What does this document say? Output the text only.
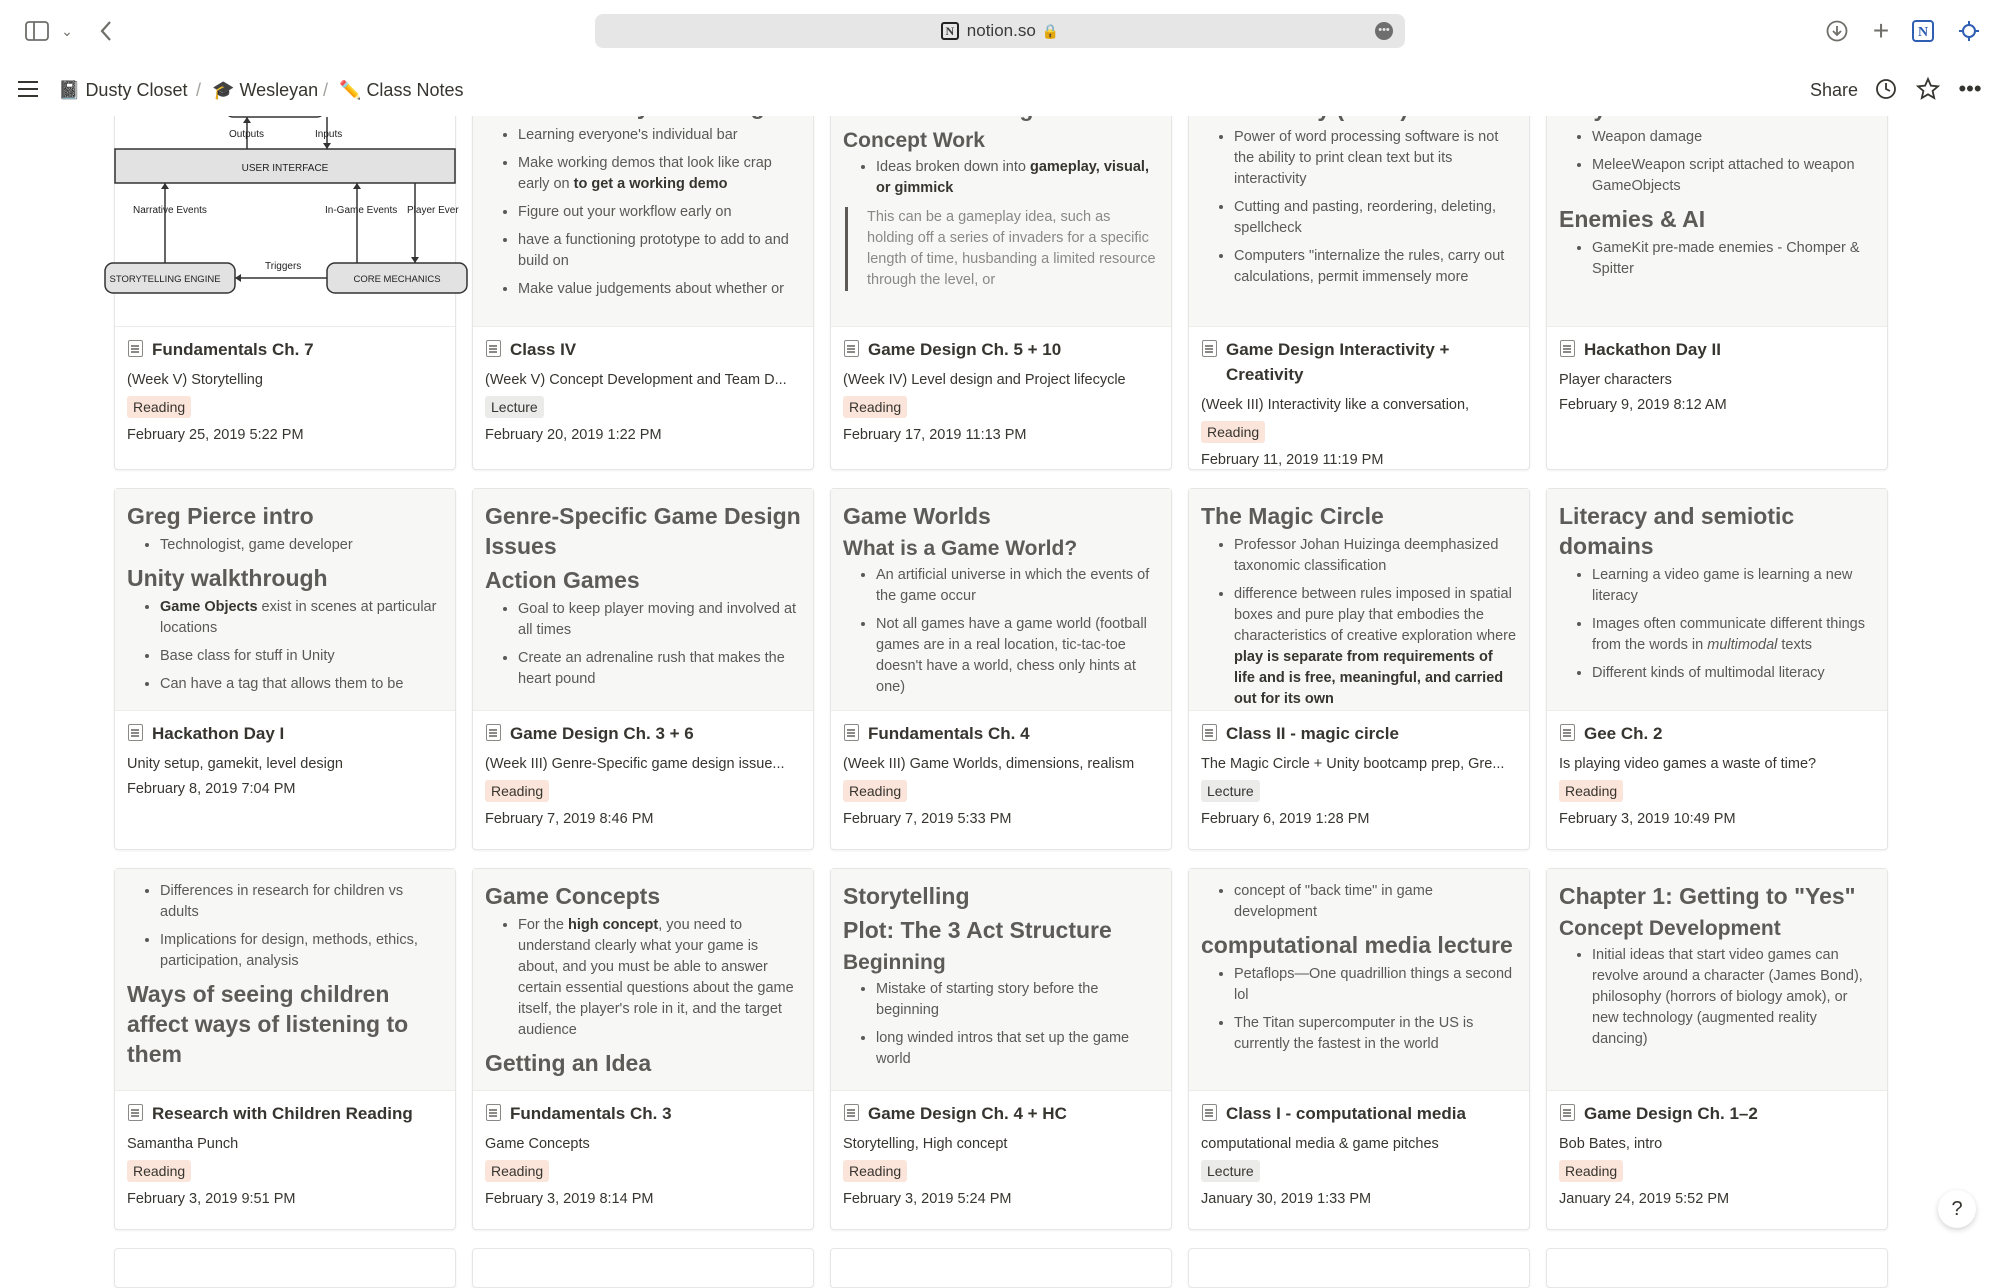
⌄	N notion.so 🔒	•••	+	N
📓 Dusty Closet / 🎓 Wesleyan / ✏️ Class Notes	Share	•••
Outputs	Inputs
USER INTERFACE
Narrative Events	In-Game Events Player Ever
STORYTELLING ENGINE	CORE MECHANICS
Triggers
Fundamentals Ch. 7
(Week V) Storytelling
Reading
February 25, 2019 5:22 PM
• Learning everyone's individual bar
• Make working demos that look like crap early on to get a working demo
• Figure out your workflow early on
• have a functioning prototype to add to and build on
• Make value judgements about whether or
Class IV
(Week V) Concept Development and Team D...
Lecture
February 20, 2019 1:22 PM
Concept Work
• Ideas broken down into gameplay, visual, or gimmick
This can be a gameplay idea, such as holding off a series of invaders for a specific length of time, husbanding a limited resource through the level, or
Game Design Ch. 5 + 10
(Week IV) Level design and Project lifecycle
Reading
February 17, 2019 11:13 PM
• Power of word processing software is not the ability to print clean text but its interactivity
• Cutting and pasting, reordering, deleting, spellcheck
• Computers "internalize the rules, carry out calculations, permit immensely more
Game Design Interactivity + Creativity
(Week III) Interactivity like a conversation,
Reading
February 11, 2019 11:19 PM
• Weapon damage
• MeleeWeapon script attached to weapon GameObjects
Enemies & AI
• GameKit pre-made enemies - Chomper & Spitter
Hackathon Day II
Player characters
February 9, 2019 8:12 AM
Greg Pierce intro
• Technologist, game developer
Unity walkthrough
• Game Objects exist in scenes at particular locations
• Base class for stuff in Unity
• Can have a tag that allows them to be
Hackathon Day I
Unity setup, gamekit, level design
February 8, 2019 7:04 PM
Genre-Specific Game Design Issues
Action Games
• Goal to keep player moving and involved at all times
• Create an adrenaline rush that makes the heart pound
Game Design Ch. 3 + 6
(Week III) Genre-Specific game design issue...
Reading
February 7, 2019 8:46 PM
Game Worlds
What is a Game World?
• An artificial universe in which the events of the game occur
• Not all games have a game world (football games are in a real location, tic-tac-toe doesn't have a world, chess only hints at one)
Fundamentals Ch. 4
(Week III) Game Worlds, dimensions, realism
Reading
February 7, 2019 5:33 PM
The Magic Circle
• Professor Johan Huizinga deemphasized taxonomic classification
• difference between rules imposed in spatial boxes and pure play that embodies the characteristics of creative exploration where play is separate from requirements of life and is free, meaningful, and carried out for its own
Class II - magic circle
The Magic Circle + Unity bootcamp prep, Gre...
Lecture
February 6, 2019 1:28 PM
Literacy and semiotic domains
• Learning a video game is learning a new literacy
• Images often communicate different things from the words in multimodal texts
• Different kinds of multimodal literacy
Gee Ch. 2
Is playing video games a waste of time?
Reading
February 3, 2019 10:49 PM
• Differences in research for children vs adults
• Implications for design, methods, ethics, participation, analysis
Ways of seeing children affect ways of listening to them
Research with Children Reading
Samantha Punch
Reading
February 3, 2019 9:51 PM
Game Concepts
• For the high concept, you need to understand clearly what your game is about, and you must be able to answer certain essential questions about the game itself, the player's role in it, and the target audience
Getting an Idea
Fundamentals Ch. 3
Game Concepts
Reading
February 3, 2019 8:14 PM
Storytelling
Plot: The 3 Act Structure
Beginning
• Mistake of starting story before the beginning
• long winded intros that set up the game world
Game Design Ch. 4 + HC
Storytelling, High concept
Reading
February 3, 2019 5:24 PM
• concept of "back time" in game development
computational media lecture
• Petaflops—One quadrillion things a second lol
• The Titan supercomputer in the US is currently the fastest in the world
Class I - computational media
computational media & game pitches
Lecture
January 30, 2019 1:33 PM
Chapter 1: Getting to "Yes"
Concept Development
• Initial ideas that start video games can revolve around a character (James Bond), philosophy (horrors of biology amok), or new technology (augmented reality dancing)
Game Design Ch. 1–2
Bob Bates, intro
Reading
January 24, 2019 5:52 PM	?
